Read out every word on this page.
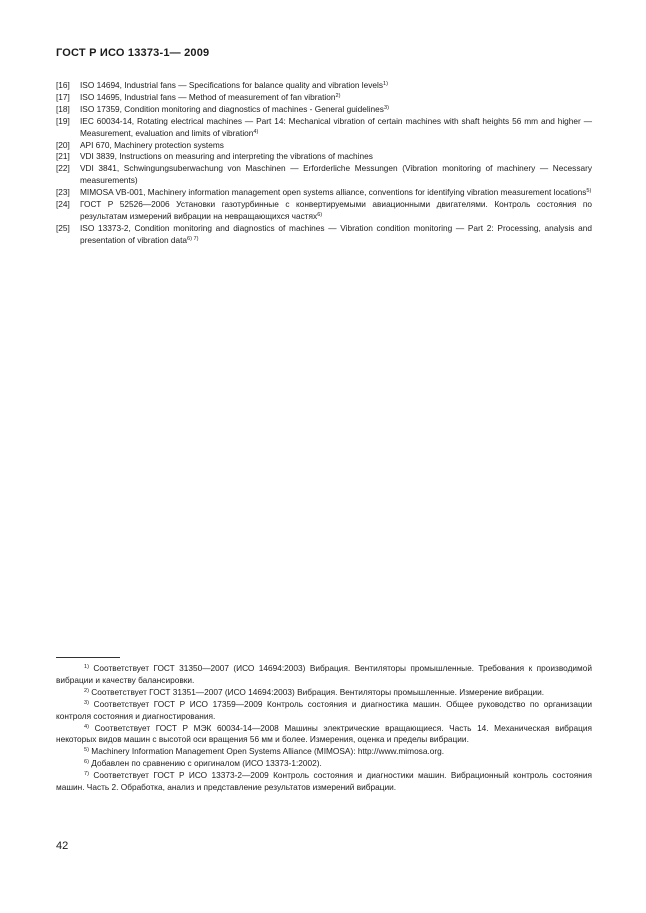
ГОСТ Р ИСО 13373-1— 2009
[16]	ISO 14694, Industrial fans — Specifications for balance quality and vibration levels$^{1)}$
[17]	ISO 14695, Industrial fans — Method of measurement of fan vibration$^{2)}$
[18]	ISO 17359, Condition monitoring and diagnostics of machines - General guidelines$^{3)}$
[19]	IEC 60034-14, Rotating electrical machines — Part 14: Mechanical vibration of certain machines with shaft heights 56 mm and higher — Measurement, evaluation and limits of vibration$^{4)}$
[20]	API 670, Machinery protection systems
[21]	VDI 3839, Instructions on measuring and interpreting the vibrations of machines
[22]	VDI 3841, Schwingungsuberwachung von Maschinen — Erforderliche Messungen (Vibration monitoring of machinery — Necessary measurements)
[23]	MIMOSA VB-001, Machinery information management open systems alliance, conventions for identifying vibration measurement locations$^{5)}$
[24]	ГОСТ Р 52526—2006 Установки газотурбинные с конвертируемыми авиационными двигателями. Контроль состояния по результатам измерений вибрации на невращающихся частях$^{6)}$
[25]	ISO 13373-2, Condition monitoring and diagnostics of machines — Vibration condition monitoring — Part 2: Processing, analysis and presentation of vibration data$^{6) 7)}$

$^{1)}$ Соответствует ГОСТ 31350—2007 (ИСО 14694:2003) Вибрация. Вентиляторы промышленные. Требования к производимой вибрации и качеству балансировки.

$^{2)}$ Соответствует ГОСТ 31351—2007 (ИСО 14694:2003) Вибрация. Вентиляторы промышленные. Измерение вибрации.

$^{3)}$ Соответствует ГОСТ Р ИСО 17359—2009 Контроль состояния и диагностика машин. Общее руководство по организации контроля состояния и диагностирования.

$^{4)}$ Соответствует ГОСТ Р МЭК 60034-14—2008 Машины электрические вращающиеся. Часть 14. Механическая вибрация некоторых видов машин с высотой оси вращения 56 мм и более. Измерения, оценка и пределы вибрации.

$^{5)}$ Machinery Information Management Open Systems Alliance (MIMOSA): http://www.mimosa.org.

$^{6)}$ Добавлен по сравнению с оригиналом (ИСО 13373-1:2002).

$^{7)}$ Соответствует ГОСТ Р ИСО 13373-2—2009 Контроль состояния и диагностики машин. Вибрационный контроль состояния машин. Часть 2. Обработка, анализ и представление результатов измерений вибрации.

42
